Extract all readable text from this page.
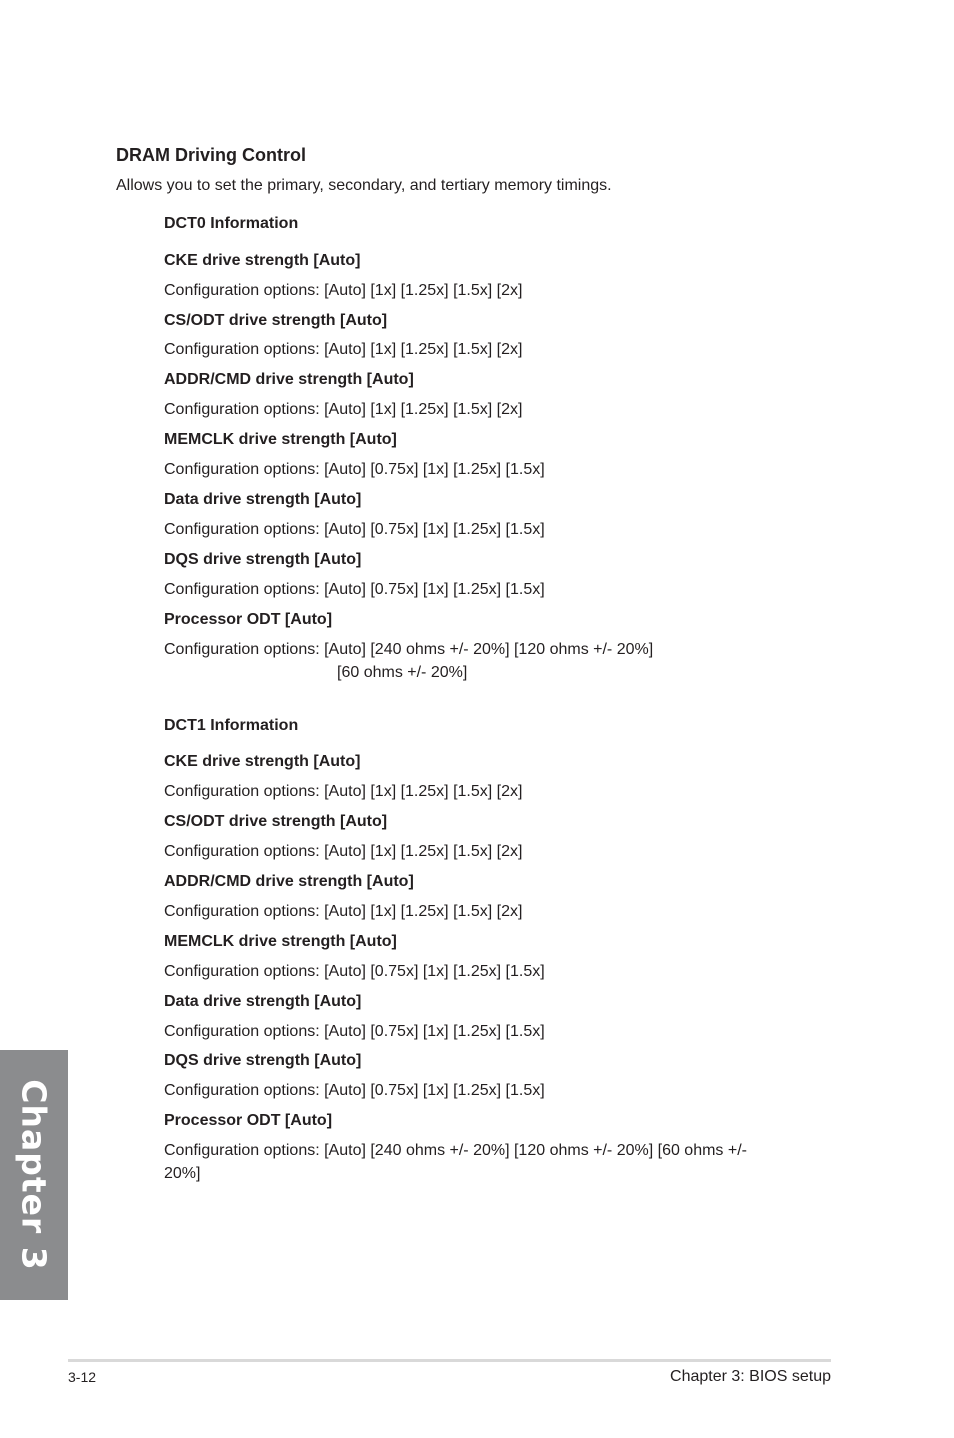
DRAM Driving Control
Allows you to set the primary, secondary, and tertiary memory timings.
DCT0 Information
CKE drive strength [Auto]
Configuration options: [Auto] [1x] [1.25x] [1.5x] [2x]
CS/ODT drive strength [Auto]
Configuration options: [Auto] [1x] [1.25x] [1.5x] [2x]
ADDR/CMD drive strength [Auto]
Configuration options: [Auto] [1x] [1.25x] [1.5x] [2x]
MEMCLK drive strength [Auto]
Configuration options: [Auto] [0.75x] [1x] [1.25x] [1.5x]
Data drive strength [Auto]
Configuration options: [Auto] [0.75x] [1x] [1.25x] [1.5x]
DQS drive strength [Auto]
Configuration options: [Auto] [0.75x] [1x] [1.25x] [1.5x]
Processor ODT [Auto]
Configuration options: [Auto] [240 ohms +/- 20%] [120 ohms +/- 20%]
[60 ohms +/- 20%]
DCT1 Information
CKE drive strength [Auto]
Configuration options: [Auto] [1x] [1.25x] [1.5x] [2x]
CS/ODT drive strength [Auto]
Configuration options: [Auto] [1x] [1.25x] [1.5x] [2x]
ADDR/CMD drive strength [Auto]
Configuration options: [Auto] [1x] [1.25x] [1.5x] [2x]
MEMCLK drive strength [Auto]
Configuration options: [Auto] [0.75x] [1x] [1.25x] [1.5x]
Data drive strength [Auto]
Configuration options: [Auto] [0.75x] [1x] [1.25x] [1.5x]
DQS drive strength [Auto]
Configuration options: [Auto] [0.75x] [1x] [1.25x] [1.5x]
Processor ODT [Auto]
Configuration options: [Auto] [240 ohms +/- 20%] [120 ohms +/- 20%] [60 ohms +/-
20%]
Chapter 3
3-12	Chapter 3: BIOS setup
